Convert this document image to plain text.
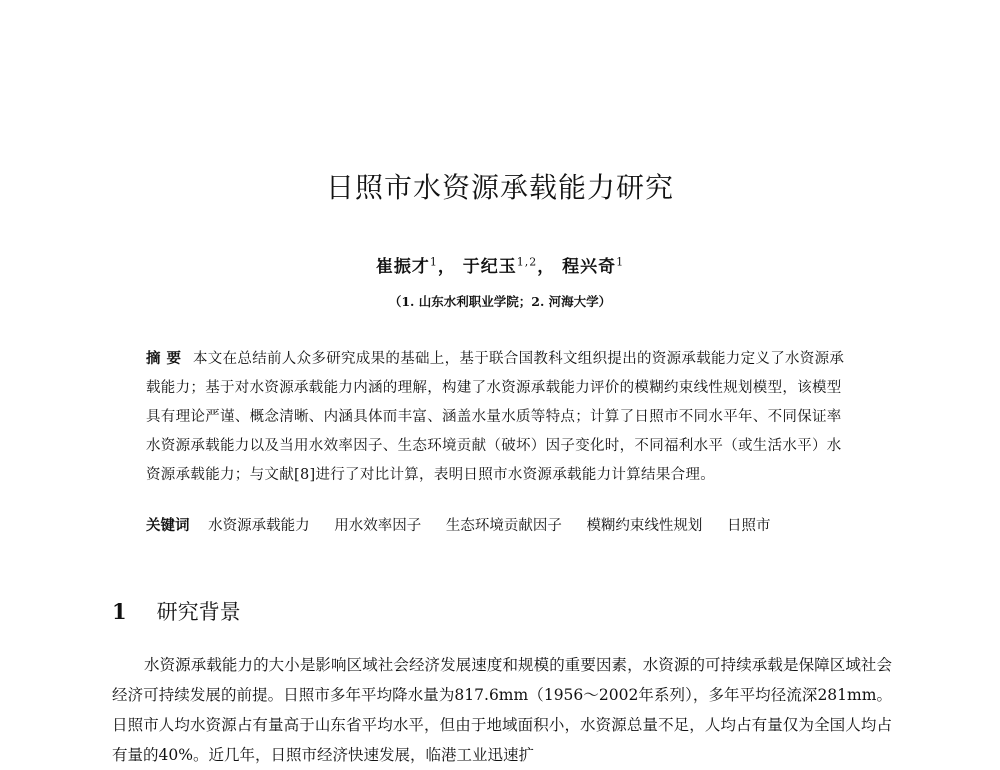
日照市水资源承载能力研究
崔振才$^1$， 于纪玉$^{1,2}$， 程兴奇$^1$
（1. 山东水利职业学院；2. 河海大学）
摘要 本文在总结前人众多研究成果的基础上，基于联合国教科文组织提出的资源承载能力定义了水资源承载能力；基于对水资源承载能力内涵的理解，构建了水资源承载能力评价的模糊约束线性规划模型，该模型具有理论严谨、概念清晰、内涵具体而丰富、涵盖水量水质等特点；计算了日照市不同水平年、不同保证率水资源承载能力以及当用水效率因子、生态环境贡献（破坏）因子变化时，不同福利水平（或生活水平）水资源承载能力；与文献[8]进行了对比计算，表明日照市水资源承载能力计算结果合理。
关键词 水资源承载能力 用水效率因子 生态环境贡献因子 模糊约束线性规划 日照市
1 研究背景
水资源承载能力的大小是影响区域社会经济发展速度和规模的重要因素，水资源的可持续承载是保障区域社会经济可持续发展的前提。日照市多年平均降水量为817.6mm（1956～2002年系列），多年平均径流深281mm。日照市人均水资源占有量高于山东省平均水平，但由于地域面积小，水资源总量不足，人均占有量仅为全国人均占有量的40%。近几年，日照市经济快速发展，临港工业迅速扩
